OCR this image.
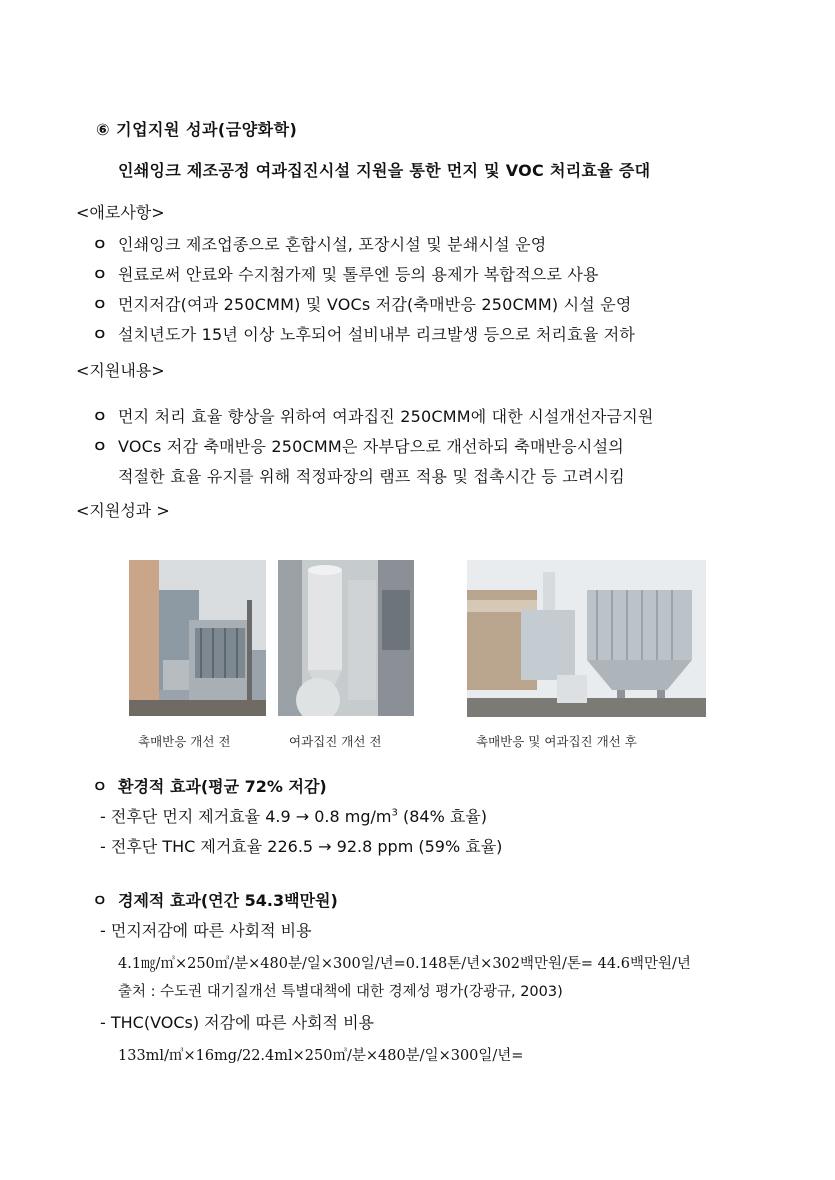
⑥ 기업지원 성과(금양화학)
인쇄잉크 제조공정 여과집진시설 지원을 통한 먼지 및 VOC 처리효율 증대
<애로사항>
ㅇ 인쇄잉크 제조업종으로 혼합시설, 포장시설 및 분쇄시설 운영
ㅇ 원료로써 안료와 수지첨가제 및 톨루엔 등의 용제가 복합적으로 사용
ㅇ 먼지저감(여과 250CMM) 및 VOCs 저감(축매반응 250CMM) 시설 운영
ㅇ 설치년도가 15년 이상 노후되어 설비내부 리크발생 등으로 처리효율 저하
<지원내용>
ㅇ 먼지 처리 효율 향상을 위하여 여과집진 250CMM에 대한 시설개선자금지원
ㅇ VOCs 저감 축매반응 250CMM은 자부담으로 개선하되 축매반응시설의
적절한 효율 유지를 위해 적정파장의 램프 적용 및 접촉시간 등 고려시킴
<지원성과 >
촉매반응 개선 전	여과집진 개선 전	촉매반응 및 여과집진 개선 후
ㅇ 환경적 효과(평균 72% 저감)
- 전후단 먼지 제거효율 4.9 → 0.8 $mg/m^3$ (84% 효율)
- 전후단 THC 제거효율 226.5 → 92.8 ppm (59% 효율)
ㅇ 경제적 효과(연간 54.3백만원)
- 먼지저감에 따른 사회적 비용
4.1㎎/㎥×250㎥/분×480분/일×300일/년=0.148톤/년×302백만원/톤= 44.6백만원/년
출처 : 수도권 대기질개선 특별대책에 대한 경제성 평가(강광규, 2003)
- THC(VOCs) 저감에 따른 사회적 비용
133ml/㎥×16mg/22.4ml×250㎥/분×480분/일×300일/년=
